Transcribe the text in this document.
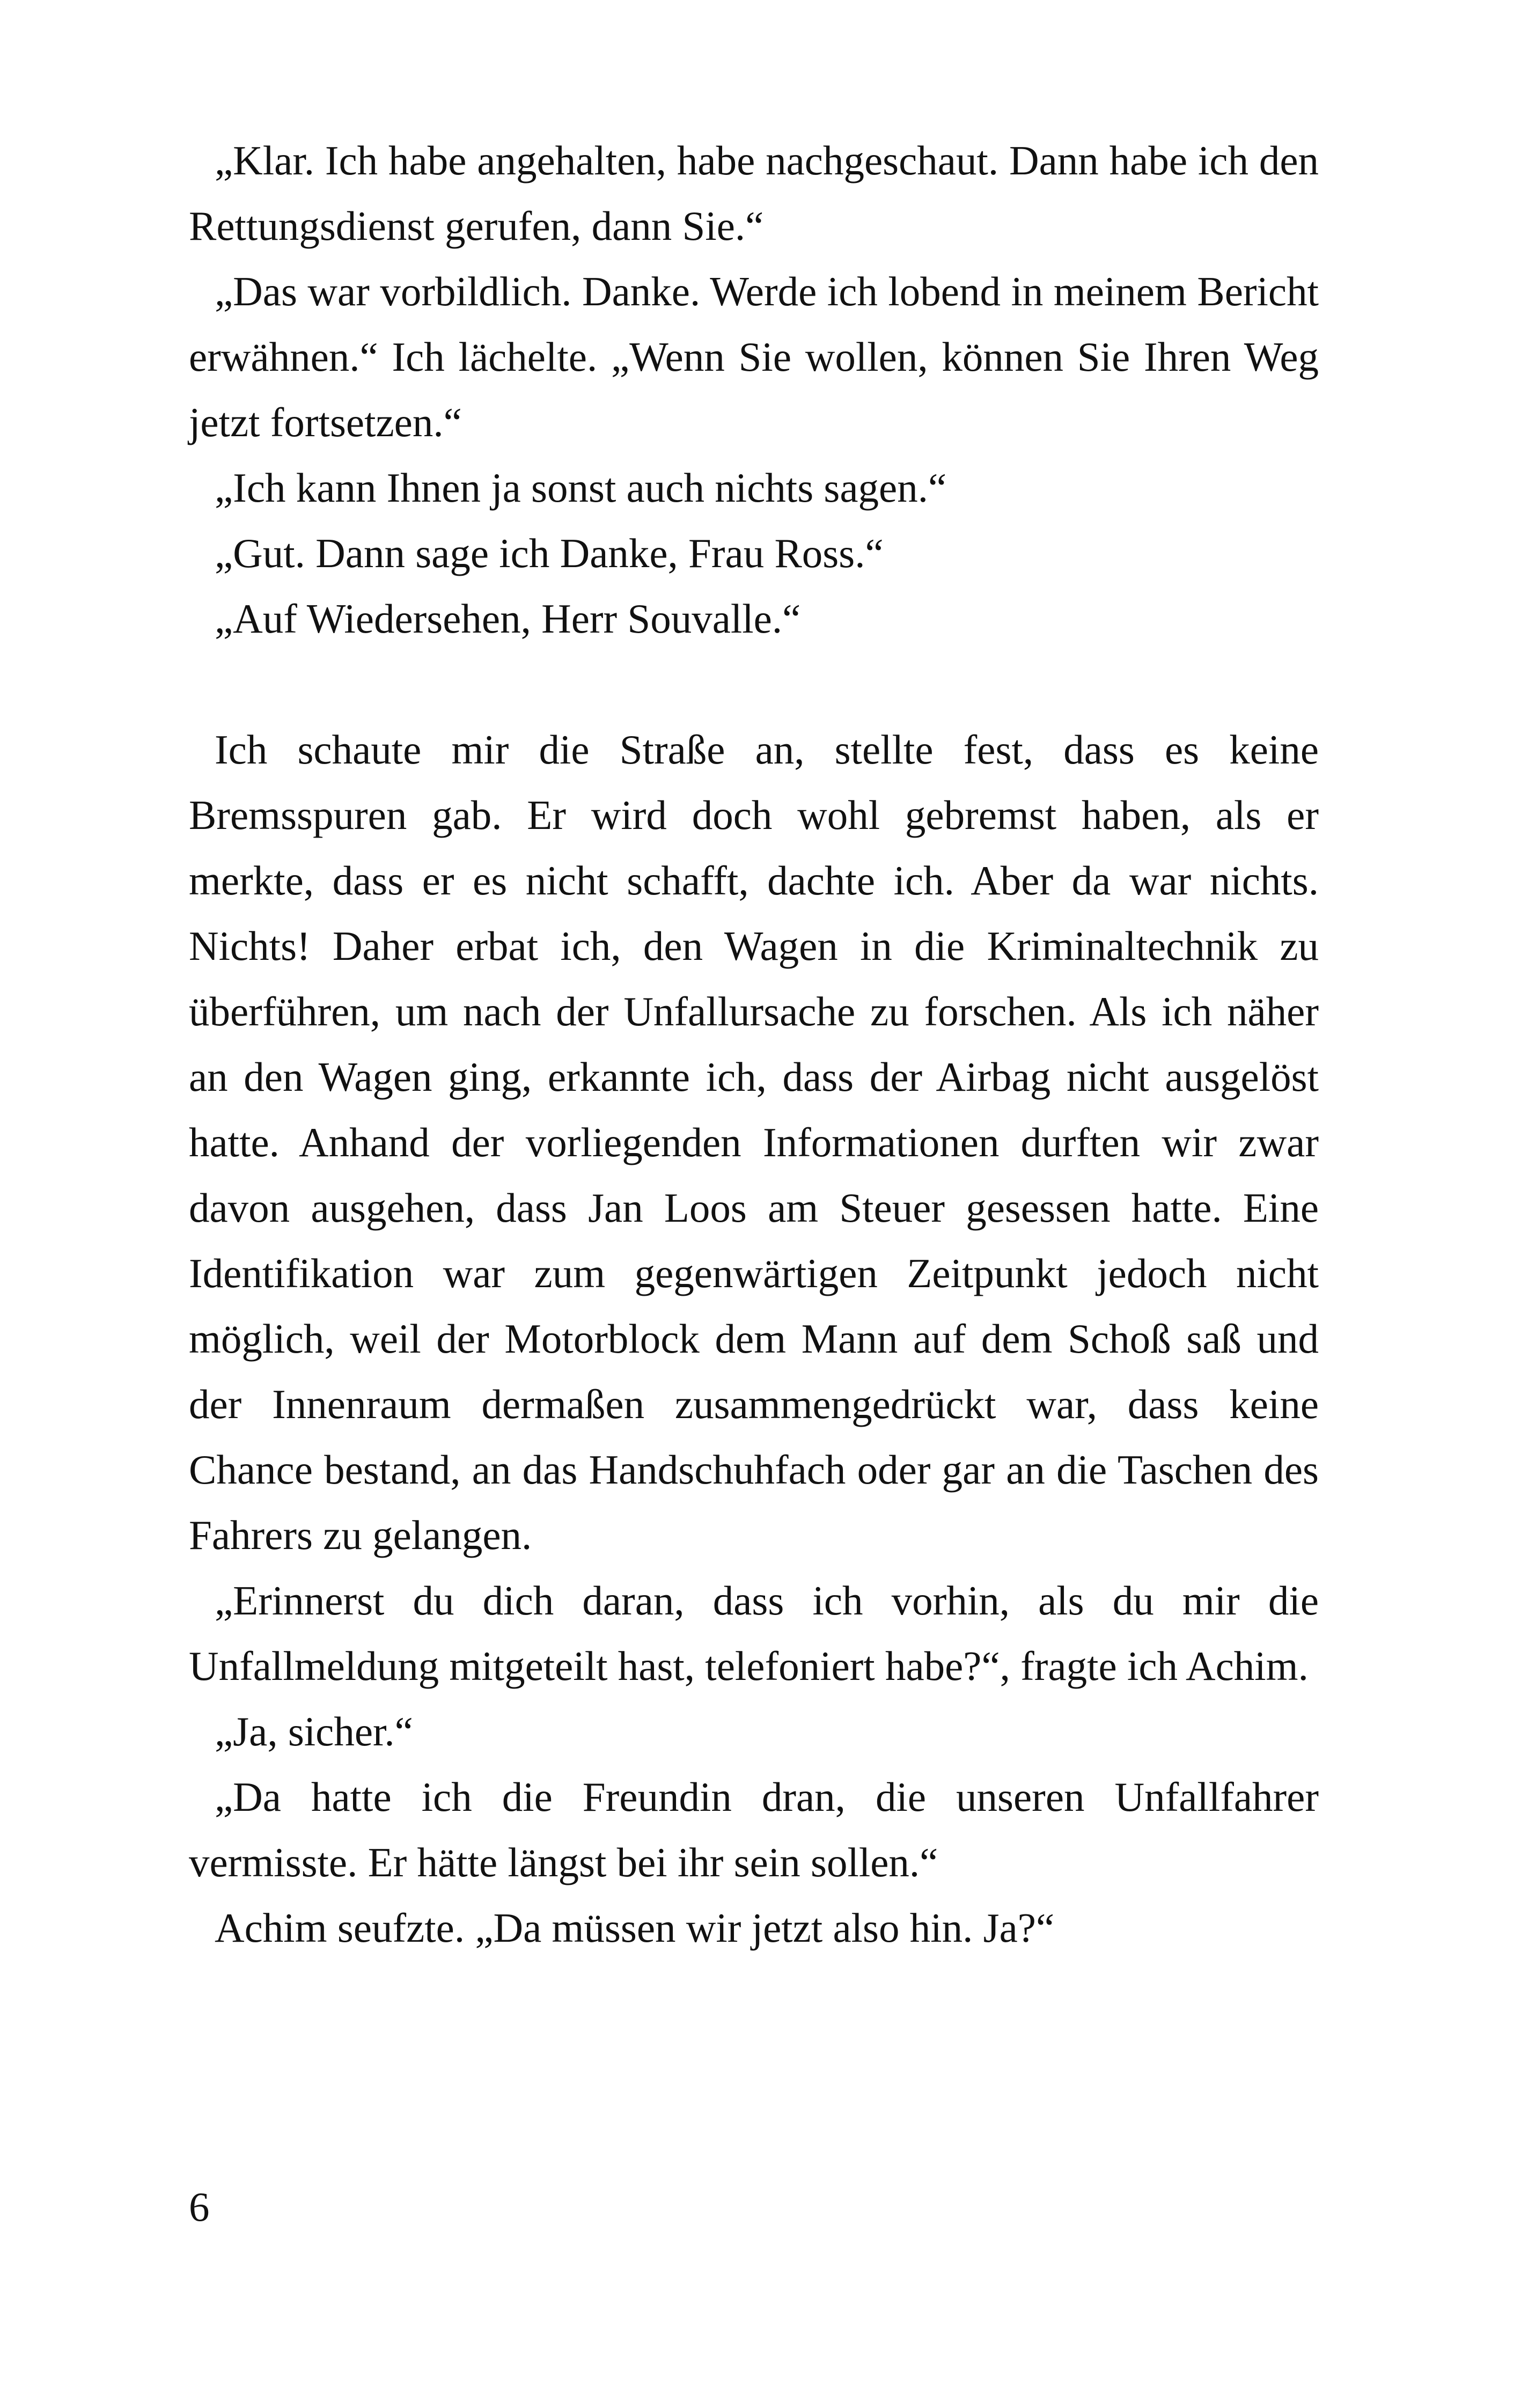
„Klar. Ich habe angehalten, habe nachgeschaut. Dann habe ich den Rettungsdienst gerufen, dann Sie.“

„Das war vorbildlich. Danke. Werde ich lobend in meinem Bericht erwähnen.“ Ich lächelte. „Wenn Sie wollen, können Sie Ihren Weg jetzt fortsetzen.“

„Ich kann Ihnen ja sonst auch nichts sagen.“

„Gut. Dann sage ich Danke, Frau Ross.“

„Auf Wiedersehen, Herr Souvalle.“

Ich schaute mir die Straße an, stellte fest, dass es keine Bremsspuren gab. Er wird doch wohl gebremst haben, als er merkte, dass er es nicht schafft, dachte ich. Aber da war nichts. Nichts! Daher erbat ich, den Wagen in die Kriminaltechnik zu überführen, um nach der Unfallursache zu forschen. Als ich näher an den Wagen ging, erkannte ich, dass der Airbag nicht ausgelöst hatte. Anhand der vorliegenden Informationen durften wir zwar davon ausgehen, dass Jan Loos am Steuer gesessen hatte. Eine Identifikation war zum gegenwärtigen Zeitpunkt jedoch nicht möglich, weil der Motorblock dem Mann auf dem Schoß saß und der Innenraum dermaßen zusammengedrückt war, dass keine Chance bestand, an das Handschuhfach oder gar an die Taschen des Fahrers zu gelangen.

„Erinnerst du dich daran, dass ich vorhin, als du mir die Unfallmeldung mitgeteilt hast, telefoniert habe?“, fragte ich Achim.

„Ja, sicher.“

„Da hatte ich die Freundin dran, die unseren Unfallfahrer vermisste. Er hätte längst bei ihr sein sollen.“

Achim seufzte. „Da müssen wir jetzt also hin. Ja?“

6
